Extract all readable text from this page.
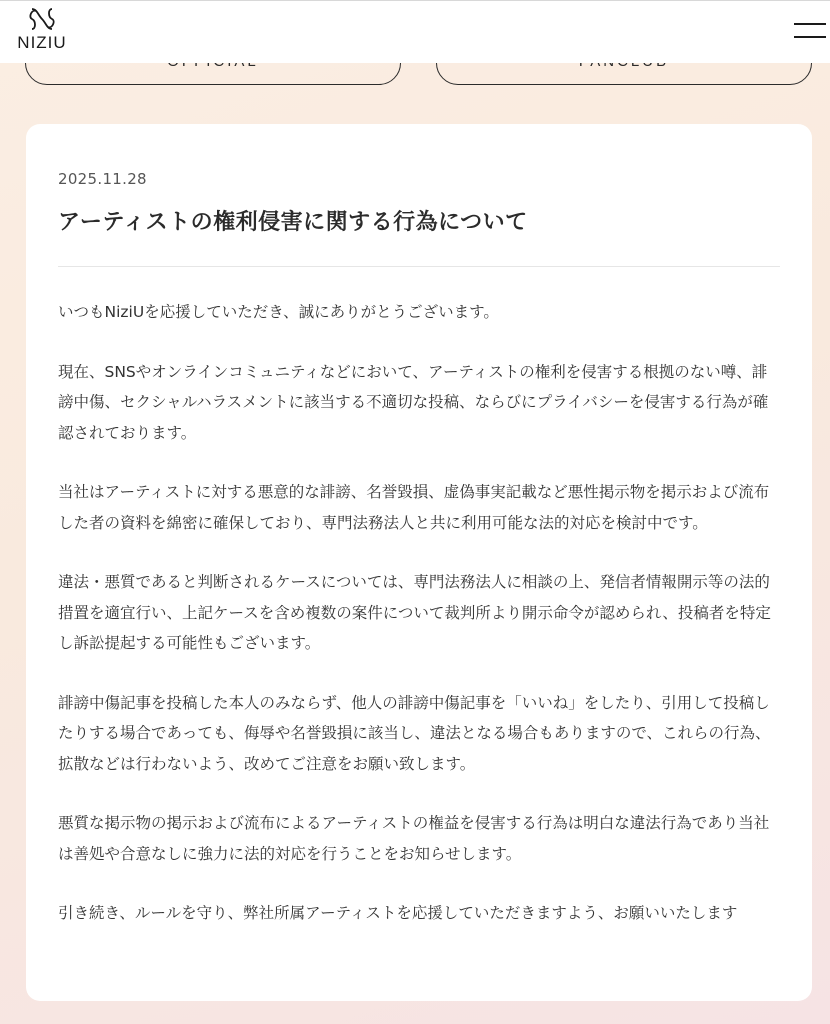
NIZIU

2025.11.28

アーティストの権利侵害に関する行為について

いつもNiziUを応援していただき、誠にありがとうございます。

現在、SNSやオンラインコミュニティなどにおいて、アーティストの権利を侵害する根拠のない噂、誹謗中傷、セクシャルハラスメントに該当する不適切な投稿、ならびにプライバシーを侵害する行為が確認されております。

当社はアーティストに対する悪意的な誹謗、名誉毀損、虚偽事実記載など悪性掲示物を掲示および流布した者の資料を綿密に確保しており、専門法務法人と共に利用可能な法的対応を検討中です。

違法・悪質であると判断されるケースについては、専門法務法人に相談の上、発信者情報開示等の法的措置を適宜行い、上記ケースを含め複数の案件について裁判所より開示命令が認められ、投稿者を特定し訴訟提起する可能性もございます。

誹謗中傷記事を投稿した本人のみならず、他人の誹謗中傷記事を「いいね」をしたり、引用して投稿したりする場合であっても、侮辱や名誉毀損に該当し、違法となる場合もありますので、これらの行為、拡散などは行わないよう、改めてご注意をお願い致します。

悪質な掲示物の掲示および流布によるアーティストの権益を侵害する行為は明白な違法行為であり当社は善処や合意なしに強力に法的対応を行うことをお知らせします。

引き続き、ルールを守り、弊社所属アーティストを応援していただきますよう、お願いいたします
